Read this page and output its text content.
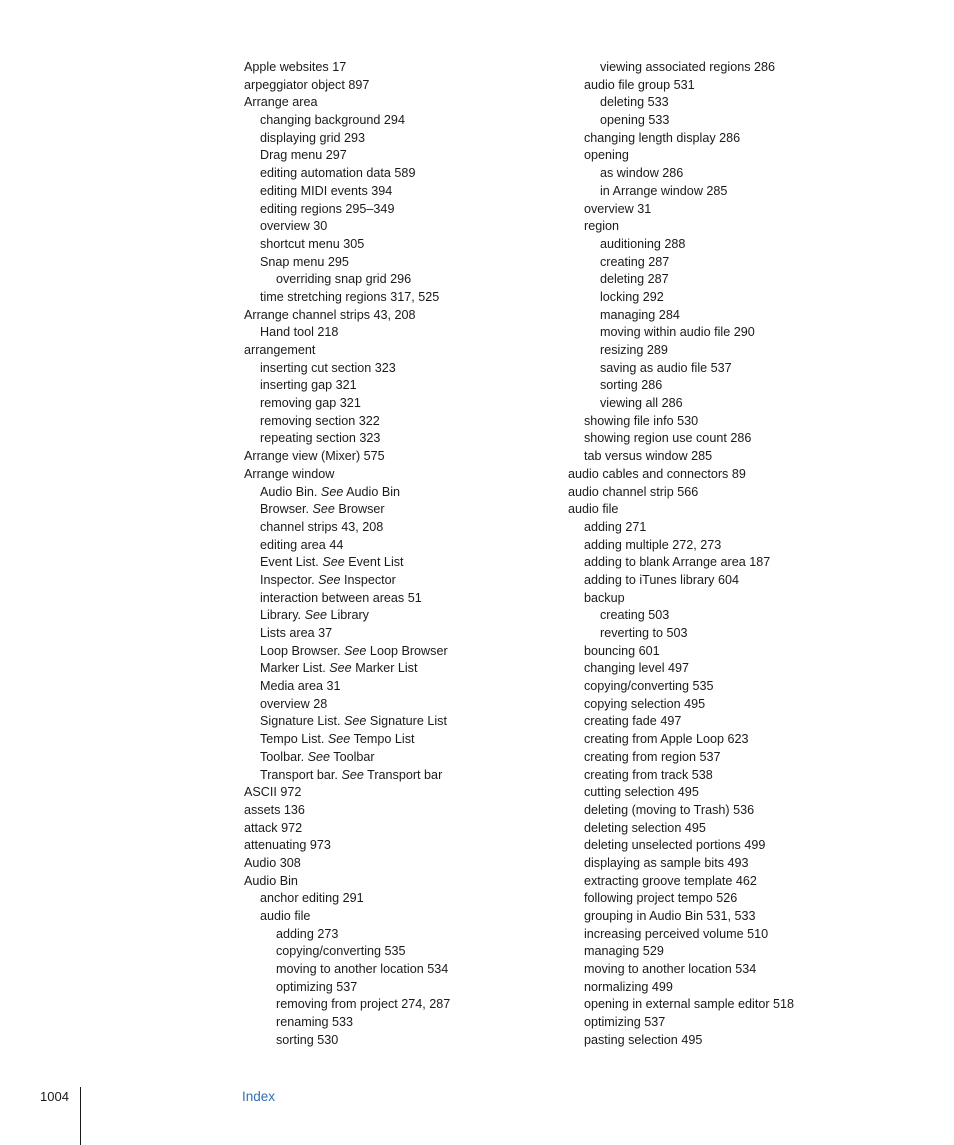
Apple websites 17
arpeggiator object 897
Arrange area
changing background 294
displaying grid 293
Drag menu 297
editing automation data 589
editing MIDI events 394
editing regions 295–349
overview 30
shortcut menu 305
Snap menu 295
overriding snap grid 296
time stretching regions 317, 525
Arrange channel strips 43, 208
Hand tool 218
arrangement
inserting cut section 323
inserting gap 321
removing gap 321
removing section 322
repeating section 323
Arrange view (Mixer) 575
Arrange window
Audio Bin. See Audio Bin
Browser. See Browser
channel strips 43, 208
editing area 44
Event List. See Event List
Inspector. See Inspector
interaction between areas 51
Library. See Library
Lists area 37
Loop Browser. See Loop Browser
Marker List. See Marker List
Media area 31
overview 28
Signature List. See Signature List
Tempo List. See Tempo List
Toolbar. See Toolbar
Transport bar. See Transport bar
ASCII 972
assets 136
attack 972
attenuating 973
Audio 308
Audio Bin
anchor editing 291
audio file
adding 273
copying/converting 535
moving to another location 534
optimizing 537
removing from project 274, 287
renaming 533
sorting 530
viewing associated regions 286
audio file group 531
deleting 533
opening 533
changing length display 286
opening
as window 286
in Arrange window 285
overview 31
region
auditioning 288
creating 287
deleting 287
locking 292
managing 284
moving within audio file 290
resizing 289
saving as audio file 537
sorting 286
viewing all 286
showing file info 530
showing region use count 286
tab versus window 285
audio cables and connectors 89
audio channel strip 566
audio file
adding 271
adding multiple 272, 273
adding to blank Arrange area 187
adding to iTunes library 604
backup
creating 503
reverting to 503
bouncing 601
changing level 497
copying/converting 535
copying selection 495
creating fade 497
creating from Apple Loop 623
creating from region 537
creating from track 538
cutting selection 495
deleting (moving to Trash) 536
deleting selection 495
deleting unselected portions 499
displaying as sample bits 493
extracting groove template 462
following project tempo 526
grouping in Audio Bin 531, 533
increasing perceived volume 510
managing 529
moving to another location 534
normalizing 499
opening in external sample editor 518
optimizing 537
pasting selection 495
1004	Index
